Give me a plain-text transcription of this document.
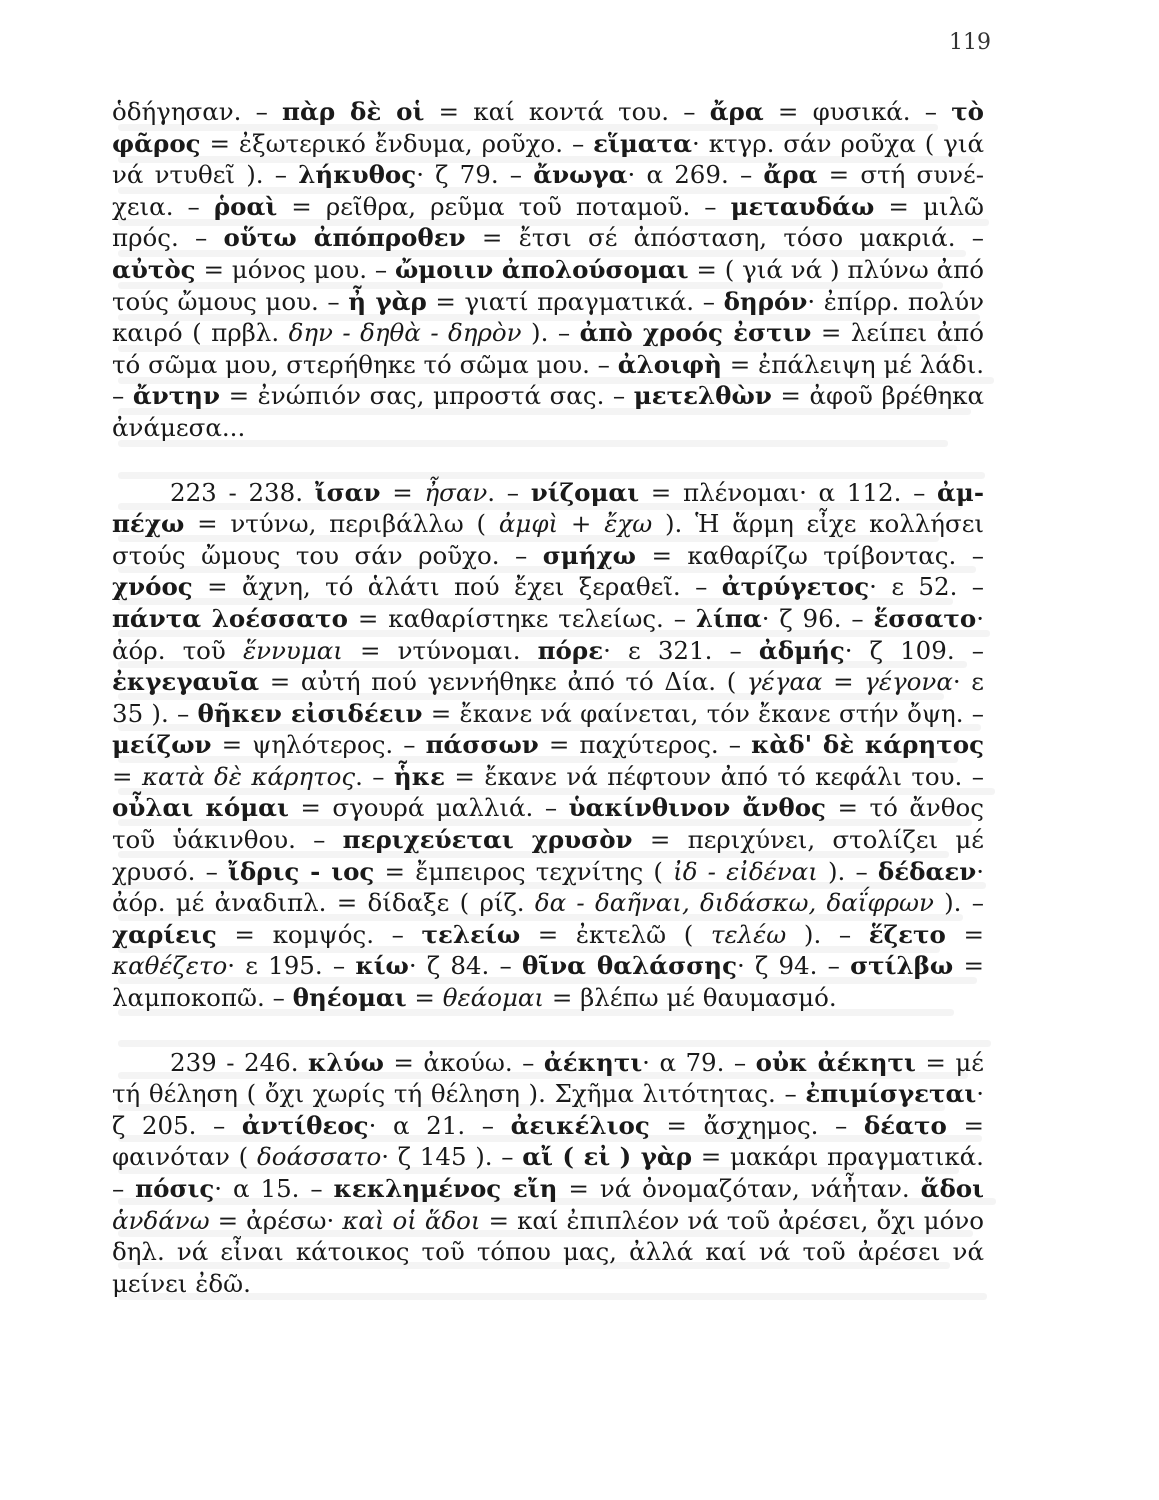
119

ὁδήγησαν. – πὰρ δὲ οἱ = καί κοντά του. – ἄρα = φυσικά. – τὸ φᾶρος = ἐξωτερικό ἔνδυμα, ροῦχο. – εἵματα· κτγρ. σάν ροῦχα ( γιά νά ντυθεῖ ). – λήκυθος· ζ 79. – ἄνωγα· α 269. – ἄρα = στή συνέ- χεια. – ῥοαὶ = ρεῖθρα, ρεῦμα τοῦ ποταμοῦ. – μεταυδάω = μιλῶ πρός. – οὕτω ἀπόπροθεν = ἔτσι σέ ἀπόσταση, τόσο μακριά. – αὐτὸς = μόνος μου. – ὤμοιιν ἀπολούσομαι = ( γιά νά ) πλύνω ἀπό τούς ὤμους μου. – ἦ γὰρ = γιατί πραγματικά. – δηρόν· ἐπίρρ. πολύν καιρό ( πρβλ. δην - δηθὰ - δηρὸν ). – ἀπὸ χροός ἐστιν = λείπει ἀπό τό σῶμα μου, στερήθηκε τό σῶμα μου. – ἀλοιφὴ = ἐπάλειψη μέ λάδι. – ἄντην = ἐνώπιόν σας, μπροστά σας. – μετελθὼν = ἀφοῦ βρέθηκα ἀνάμεσα...

223 - 238. ἴσαν = ἦσαν. – νίζομαι = πλένομαι· α 112. – ἀμ- πέχω = ντύνω, περιβάλλω ( ἀμφὶ + ἔχω ). Ἡ ἅρμη εἶχε κολλήσει στούς ὤμους του σάν ροῦχο. – σμήχω = καθαρίζω τρίβοντας. – χνόος = ἄχνη, τό ἁλάτι πού ἔχει ξεραθεῖ. – ἀτρύγετος· ε 52. – πάντα λοέσσατο = καθαρίστηκε τελείως. – λίπα· ζ 96. – ἕσσατο· ἀόρ. τοῦ ἕννυμαι = ντύνομαι. πόρε· ε 321. – ἀδμής· ζ 109. – ἐκγεγαυῖα = αὐτή πού γεννήθηκε ἀπό τό Δία. ( γέγαα = γέγονα· ε 35 ). – θῆκεν εἰσιδέειν = ἔκανε νά φαίνεται, τόν ἔκανε στήν ὄψη. – μείζων = ψηλότερος. – πάσσων = παχύτερος. – κὰδ' δὲ κάρητος = κατὰ δὲ κάρητος. – ἧκε = ἔκανε νά πέφτουν ἀπό τό κεφάλι του. – οὖλαι κόμαι = σγουρά μαλλιά. – ὑακίνθινον ἄνθος = τό ἄνθος τοῦ ὑάκινθου. – περιχεύεται χρυσὸν = περιχύνει, στολίζει μέ χρυσό. – ἴδρις - ιος = ἔμπειρος τεχνίτης ( ἰδ - εἰδέναι ). – δέδαεν· ἀόρ. μέ ἀναδιπλ. = δίδαξε ( ρίζ. δα - δαῆναι, διδάσκω, δαΐφρων ). – χαρίεις = κομψός. – τελείω = ἐκτελῶ ( τελέω ). – ἕζετο = καθέζετο· ε 195. – κίω· ζ 84. – θῖνα θαλάσσης· ζ 94. – στίλβω = λαμποκοπῶ. – θηέομαι = θεάομαι = βλέπω μέ θαυμασμό.

239 - 246. κλύω = ἀκούω. – ἀέκητι· α 79. – οὐκ ἀέκητι = μέ τή θέληση ( ὄχι χωρίς τή θέληση ). Σχῆμα λιτότητας. – ἐπιμίσγεται· ζ 205. – ἀντίθεος· α 21. – ἀεικέλιος = ἄσχημος. – δέατο = φαινόταν ( δοάσσατο· ζ 145 ). – αἴ ( εἰ ) γὰρ = μακάρι πραγματικά. – πόσις· α 15. – κεκλημένος εἴη = νά ὀνομαζόταν, νάἦταν. ἅδοι ἁνδάνω = ἀρέσω· καὶ οἱ ἅδοι = καί ἐπιπλέον νά τοῦ ἀρέσει, ὄχι μόνο δηλ. νά εἶναι κάτοικος τοῦ τόπου μας, ἀλλά καί νά τοῦ ἀρέσει νά μείνει ἐδῶ.
